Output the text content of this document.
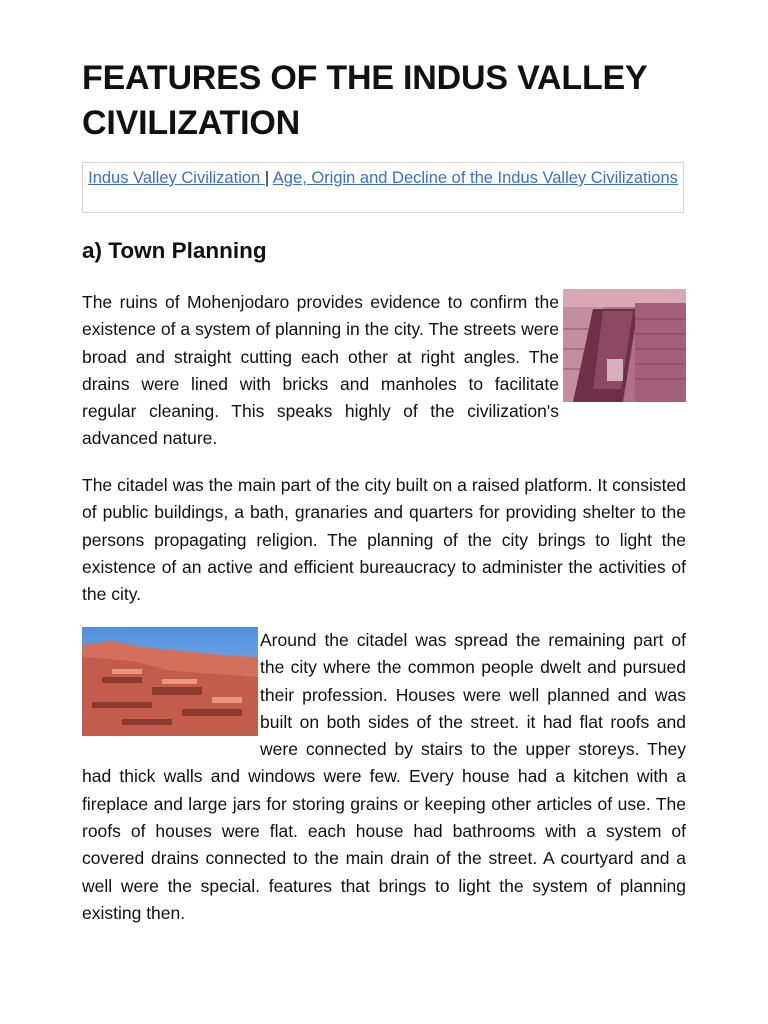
FEATURES OF THE INDUS VALLEY CIVILIZATION
Indus Valley Civilization | Age, Origin and Decline of the Indus Valley Civilizations
a) Town Planning
The ruins of Mohenjodaro provides evidence to confirm the existence of a system of planning in the city. The streets were broad and straight cutting each other at right angles. The drains were lined with bricks and manholes to facilitate regular cleaning. This speaks highly of the civilization's advanced nature.
The citadel was the main part of the city built on a raised platform. It consisted of public buildings, a bath, granaries and quarters for providing shelter to the persons propagating religion. The planning of the city brings to light the existence of an active and efficient bureaucracy to administer the activities of the city.
Around the citadel was spread the remaining part of the city where the common people dwelt and pursued their profession. Houses were well planned and was built on both sides of the street. it had flat roofs and were connected by stairs to the upper storeys. They had thick walls and windows were few. Every house had a kitchen with a fireplace and large jars for storing grains or keeping other articles of use. The roofs of houses were flat. each house had bathrooms with a system of covered drains connected to the main drain of the street. A courtyard and a well were the special. features that brings to light the system of planning existing then.
